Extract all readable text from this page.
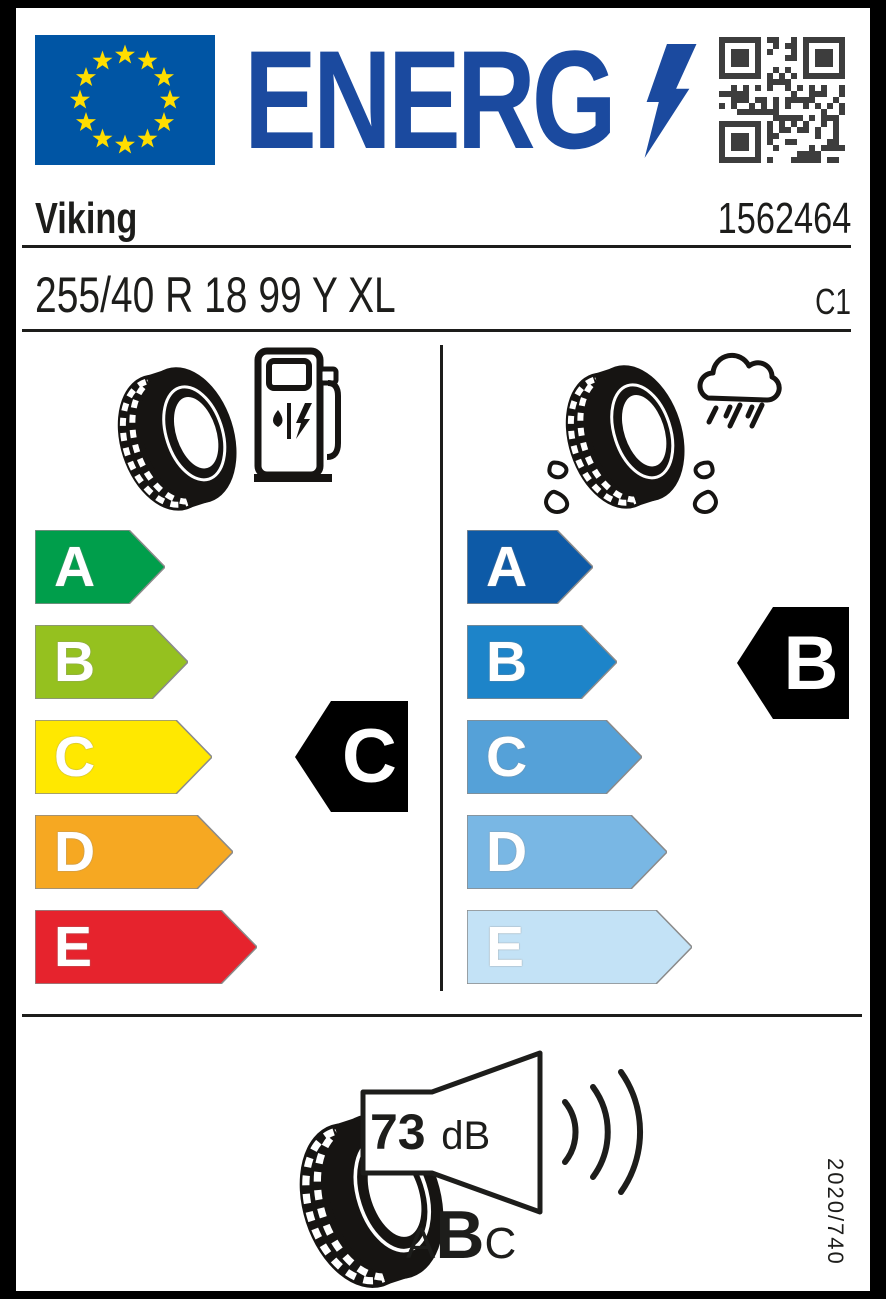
ENERG
Viking	1562464
255/40 R 18 99 Y XL	C1
A
B
C
D
E
C
A
B
C
D
E
B
73 dB
A B C	2020/740
